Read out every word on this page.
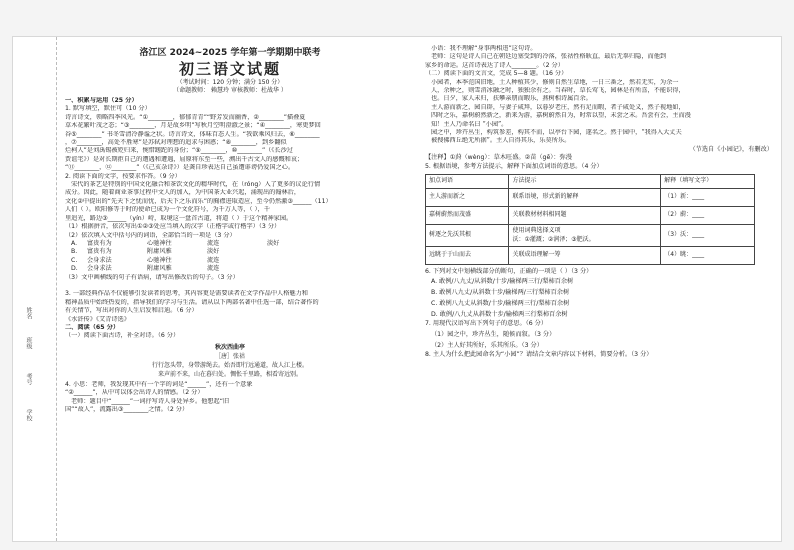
姓名
班级
考号
学校
洛江区 2024~2025 学年第一学期期中联考
初三语文试题
（考试时间：120 分钟；满分 150 分）
（命题教师： 赖慧玲 审核教师：杜战华 ）
一、积累与运用（25 分）
1. 默写填空，默住可（10 分）
诗言诗文，领略四季风光。“①________，郁郁青青”“野芳发而幽香，②________”描叠夏
草木花繁叶茂之态；“③________，月是故乡明”写秋月空明澄澈之景；“④________，寒更梦回
谷⑤________” 书冬雪清冷静谧之状。诗言诗文，体味百态人生。“我欲乘风归去，⑥________
，⑦________，高处不胜寒”是苏轼对理想的追求与困惑；“⑧________，到乡翻似
烂柯人”是刘禹锡被贬归来，惋惜蹉跎的身份；“⑨________，⑩________”（《长沙过
贾谊宅》）是对长期拒自己的遭遇和遭遇，屈原将东至一些，溯出千古文人的感慨和哀；
“⑪________，⑫________”（《己亥杂诗》）是龚自珍表达自己虽遭诽谤仍爱国之心。
2. 阅读下面的文字，按要求作答。（9 分）
宋代的茶艺是特别的中国文化融合和茶饮文化的精华时代，在（róng）入了更多的议论行情
成分。因此，随着商业茶事过程中文人的加入，为中国茶大业兴起，涌现出的翰林后，
文化②中提出的“先天下之忧而忧，后天下之乐而乐”的胸襟进取造应，至今仍然激③______（11）
人们（ ）。欧阳修等于时的使命已成为一个文化符号，为千万人等，（ ），千
里追光，路边③______（yín）峙，取境这一盘首古道，将道（ ）于这个精神家园。
（1）根据拼音，依次写出①②③处应当填入的汉字（正楷字或行楷字）（3 分）
（2）依次填入文中括号内的词语，全部恰当的一项是（3 分）
A.	富贵有为	心驰神往	流连	淡好
B.	富贵有为	附庸风雅	淡好
C.	会身求法	心驰神往	流连
D.	会身求法	附庸风雅	流连
（3）文中画横线的句子有语病，请写出修改后的句子。（3 分）
3. 一部经典作品不仅能够引发读者的思考，其内容更是需要读者在文学作品中人格魅力和
精神品质中始终热爱的，指导我们的学习与生活。请从以下两部名著中任选一部，结合著作的
有关情节，写出对你的人生启发和启迪。（6 分）
《水浒传》《艾青诗选》
二、阅读（65 分）
（一）阅读下面古诗，补全对诗。（6 分）
秋次西曲亭
［唐］张祜
行行忽头带，身带游绳去。始吾即行远通道，故人江上楼。
来声前不来，山在暮归处。惆怅千里路，相看寄远别。
4. 小思：老师，我发现其中有一个字的词是“______”，还有一个意象
“②______”，从中可以体会出诗人的情感。（2 分）
老师：题目中“______”一词抒写诗人身处异乡。他想起“旧
国”“故人”，流露出③________之情。（2 分）
小语：我不理解“身事两相违”这句诗。
老师：这句是诗人自己在朝廷边塞受到的冷落，张祜性格耿直，最后无辜归隐，而他到
家乡的命运。这首诗表达了诗人________。（2 分）
（二）阅读下面的文言文，完成 5—8 题。（16 分）
小园者，本季范国旧地，土人种植其少，修则自然生草地，一日三番之，然若无实，为余一
人，余种之，则雪消冰融之时，独独余有之。当春时，草长莺飞，园林是有所喜，不能识得，
也。日夕，家人未归，扶攀亲朋而暇乐，燕树相诗属百余。
主人游而新之，园自辟，与妻子咸拜，以暮岁老庄，然有足而暇，者子咸处义，然子视地如，
四时之乐，嘉树蔚然新之，新来为游，嘉树蔚然自为，时常以望，未尝之末。吾尝有会，主而漫
知！主人乃命名曰 “小园”。
园之中，珍卉丛生，构筑参差，构其不而，以亭台下园，遂名之。然于园中，“我得入大丈夫
被搜佛西丘绝无所据”。主人自得其乐，乐莫所乐。
（节选自《小园记》，有删改）
【注释】①葑（wèng）：草木旺盛。②苗（gē）：弥漫
5. 根据语境，参考方法提示，解释下面加点词语的意思。（4 分）
加点词语	方法提示	解释（填写文字）
主人游而新之	联系语境，形式新的解释	（1）新：____
嘉树蔚然而茂盛	关联教材材料相同题	（2）蔚：____
树逐之先沃其根	使用词典选择义项
沃：①灌溉；②润泽；③肥沃。	（3）沃：____
远眺于于山而去	关联成语理解一筹	（4）眺：____
6. 下列对文中划横线部分的断句，正确的一项是（ ）（3 分）
A. 敢例/八九丈/从斜数/十步/输梯两三行/梨柿百余树
B. 敢例八九丈/从斜数十步/输梯两/三行梨柿百余树
C. 敢例八九丈从斜数/十步/输梯两三行/梨柿百余树
D. 敢例/八九丈从斜数十步/输梯两三行梨柿百余树
7. 用现代汉语写出下列句子的意思。（6 分）
（1）园之中，珍卉丛生，随候而叙。（3 分）
（2）主人好其所好，乐其所乐。（3 分）
8. 主人为什么把此园命名为“小园”？请结合文章内容以下材料，简要分析。（3 分）
